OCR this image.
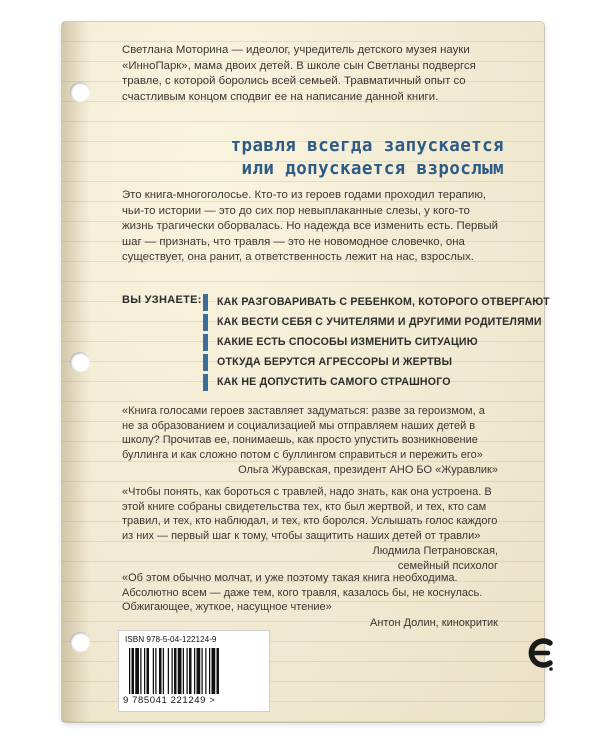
Светлана Моторина — идеолог, учредитель детского музея науки «ИнноПарк», мама двоих детей. В школе сын Светланы подвергся травле, с которой боролись всей семьей. Травматичный опыт со счастливым концом сподвиг ее на написание данной книги.

травля всегда запускается
или допускается взрослым

Это книга-многоголосье. Кто-то из героев годами проходил терапию, чьи-то истории — это до сих пор невыплаканные слезы, у кого-то жизнь трагически оборвалась. Но надежда все изменить есть. Первый шаг — признать, что травля — это не новомодное словечко, она существует, она ранит, а ответственность лежит на нас, взрослых.

ВЫ УЗНАЕТЕ:	КАК РАЗГОВАРИВАТЬ С РЕБЕНКОМ, КОТОРОГО ОТВЕРГАЮТ
КАК ВЕСТИ СЕБЯ С УЧИТЕЛЯМИ И ДРУГИМИ РОДИТЕЛЯМИ
КАКИЕ ЕСТЬ СПОСОБЫ ИЗМЕНИТЬ СИТУАЦИЮ
ОТКУДА БЕРУТСЯ АГРЕССОРЫ И ЖЕРТВЫ
КАК НЕ ДОПУСТИТЬ САМОГО СТРАШНОГО

«Книга голосами героев заставляет задуматься: разве за героизмом, а не за образованием и социализацией мы отправляем наших детей в школу? Прочитав ее, понимаешь, как просто упустить возникновение буллинга и как сложно потом с буллингом справиться и пережить его»

Ольга Журавская, президент АНО БО «Журавлик»

«Чтобы понять, как бороться с травлей, надо знать, как она устроена. В этой книге собраны свидетельства тех, кто был жертвой, и тех, кто сам травил, и тех, кто наблюдал, и тех, кто боролся. Услышать голос каждого из них — первый шаг к тому, чтобы защитить наших детей от травли»

Людмила Петрановская,

семейный психолог

«Об этом обычно молчат, и уже поэтому такая книга необходима. Абсолютно всем — даже тем, кого травля, казалось бы, не коснулась. Обжигающее, жуткое, насущное чтение»

Антон Долин, кинокритик

ISBN 978-5-04-122124-9
9 785041 221249 >
